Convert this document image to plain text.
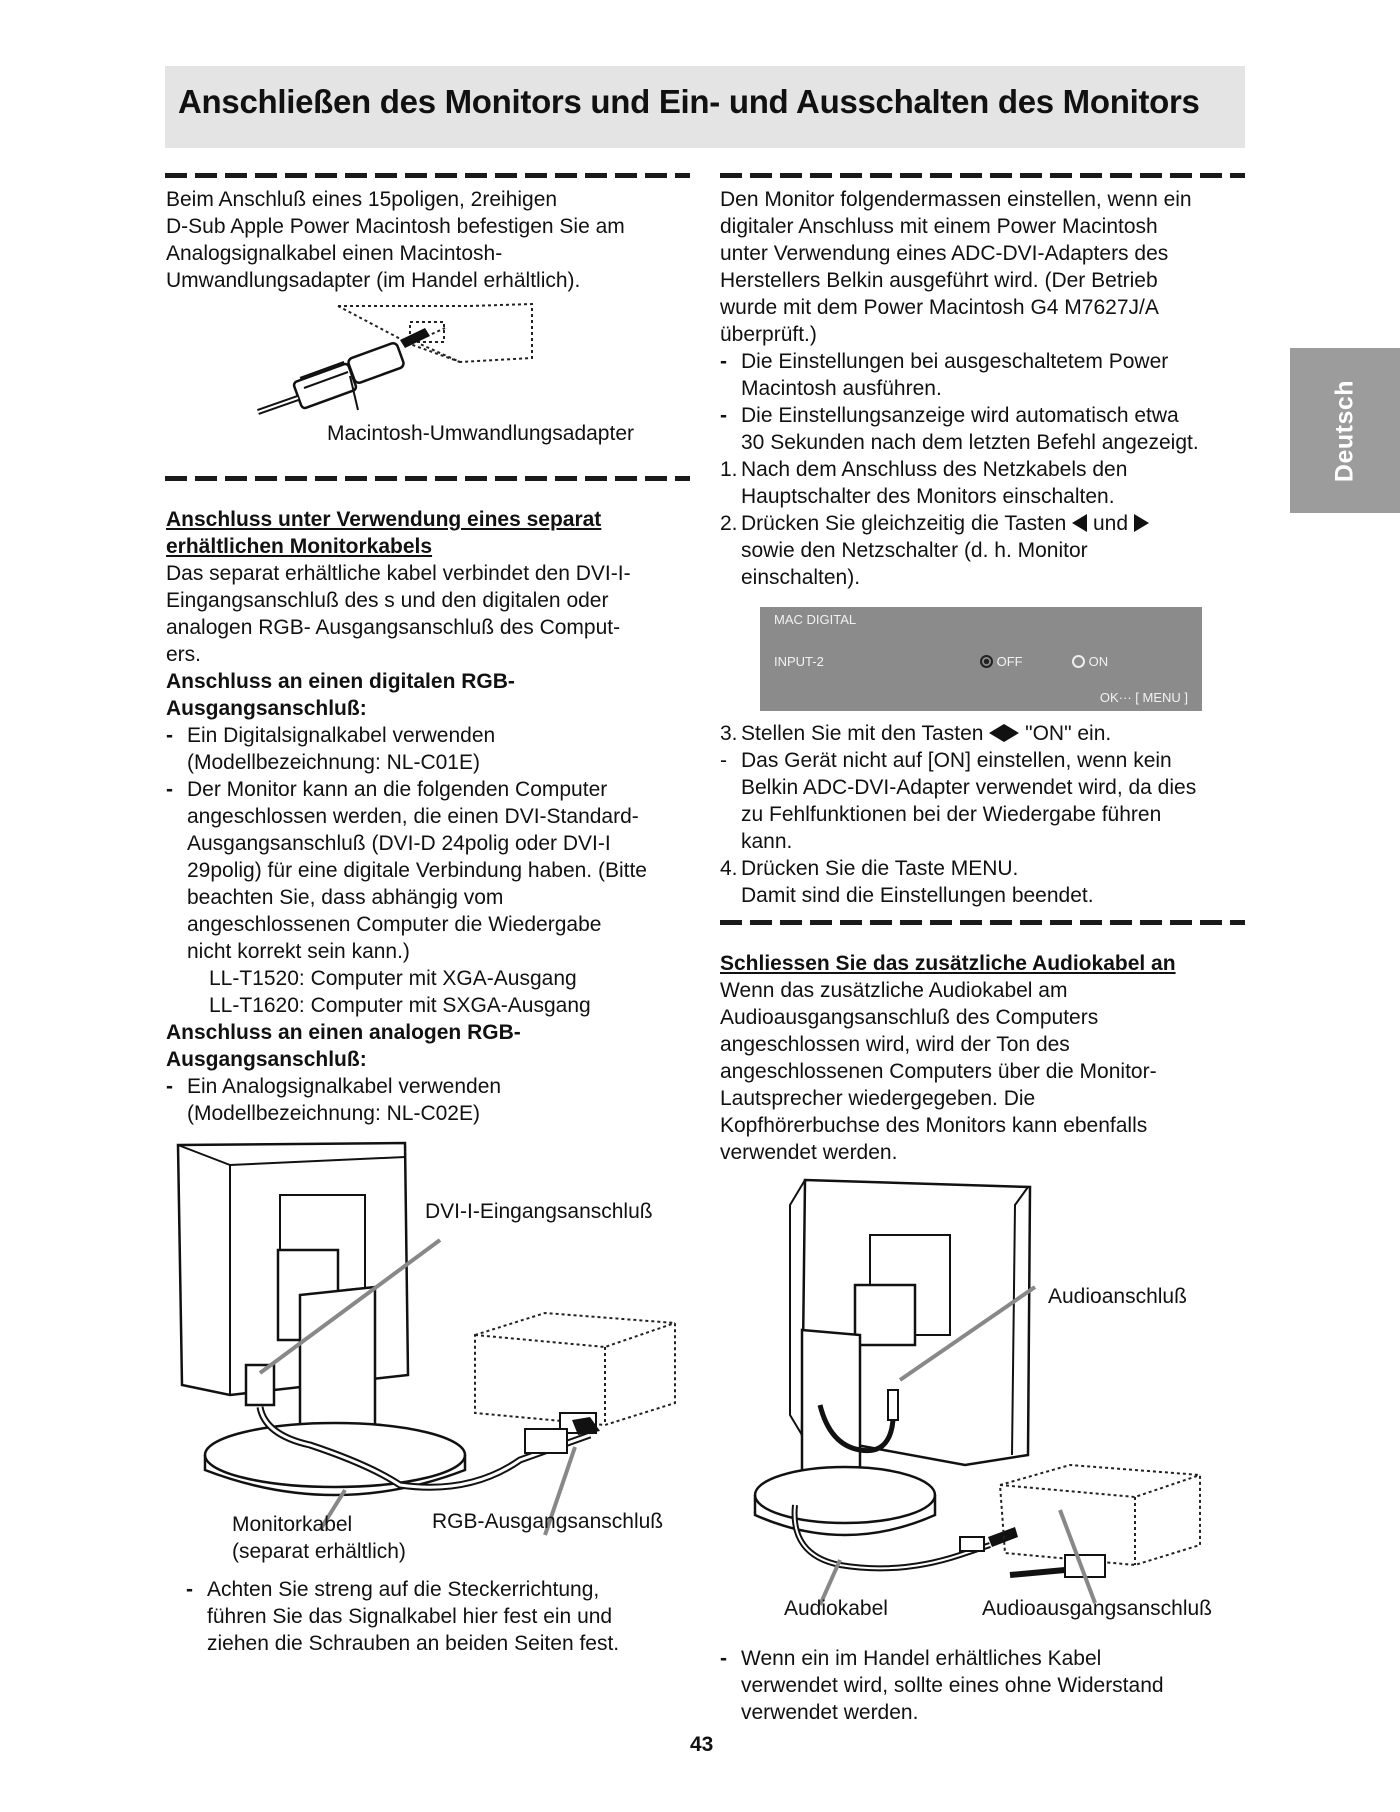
Anschließen des Monitors und Ein- und Ausschalten des Monitors
Deutsch

Beim Anschluß eines 15poligen, 2reihigen

D-Sub Apple Power Macintosh befestigen Sie am

Analogsignalkabel einen Macintosh-

Umwandlungsadapter (im Handel erhältlich).

Macintosh-Umwandlungsadapter

Anschluss unter Verwendung eines separat

erhältlichen Monitorkabels

Das separat erhältliche kabel verbindet den DVI-I-

Eingangsanschluß des s und den digitalen oder

analogen RGB- Ausgangsanschluß des Comput-

ers.

Anschluss an einen digitalen RGB-

Ausgangsanschluß:

- Ein Digitalsignalkabel verwenden

(Modellbezeichnung: NL-C01E)

- Der Monitor kann an die folgenden Computer

angeschlossen werden, die einen DVI-Standard-

Ausgangsanschluß (DVI-D 24polig oder DVI-I

29polig) für eine digitale Verbindung haben. (Bitte

beachten Sie, dass abhängig vom

angeschlossenen Computer die Wiedergabe

nicht korrekt sein kann.)

LL-T1520: Computer mit XGA-Ausgang

LL-T1620: Computer mit SXGA-Ausgang

Anschluss an einen analogen RGB-

Ausgangsanschluß:

- Ein Analogsignalkabel verwenden

(Modellbezeichnung: NL-C02E)

DVI-I-Eingangsanschluß
Monitorkabel
(separat erhältlich)
RGB-Ausgangsanschluß
- Achten Sie streng auf die Steckerrichtung,

führen Sie das Signalkabel hier fest ein und

ziehen die Schrauben an beiden Seiten fest.

Den Monitor folgendermassen einstellen, wenn ein

digitaler Anschluss mit einem Power Macintosh

unter Verwendung eines ADC-DVI-Adapters des

Herstellers Belkin ausgeführt wird. (Der Betrieb

wurde mit dem Power Macintosh G4 M7627J/A

überprüft.)

- Die Einstellungen bei ausgeschaltetem Power

Macintosh ausführen.

- Die Einstellungsanzeige wird automatisch etwa

30 Sekunden nach dem letzten Befehl angezeigt.

1. Nach dem Anschluss des Netzkabels den

Hauptschalter des Monitors einschalten.

2. Drücken Sie gleichzeitig die Tasten und

sowie den Netzschalter (d. h. Monitor

einschalten).

MAC DIGITAL
INPUT-2	OFF	ON
OK··· [ MENU ]
3. Stellen Sie mit den Tasten "ON" ein.

- Das Gerät nicht auf [ON] einstellen, wenn kein

Belkin ADC-DVI-Adapter verwendet wird, da dies

zu Fehlfunktionen bei der Wiedergabe führen

kann.

4. Drücken Sie die Taste MENU.

Damit sind die Einstellungen beendet.

Schliessen Sie das zusätzliche Audiokabel an

Wenn das zusätzliche Audiokabel am

Audioausgangsanschluß des Computers

angeschlossen wird, wird der Ton des

angeschlossenen Computers über die Monitor-

Lautsprecher wiedergegeben. Die

Kopfhörerbuchse des Monitors kann ebenfalls

verwendet werden.

Audioanschluß
Audiokabel	Audioausgangsanschluß
- Wenn ein im Handel erhältliches Kabel

verwendet wird, sollte eines ohne Widerstand

verwendet werden.

43
